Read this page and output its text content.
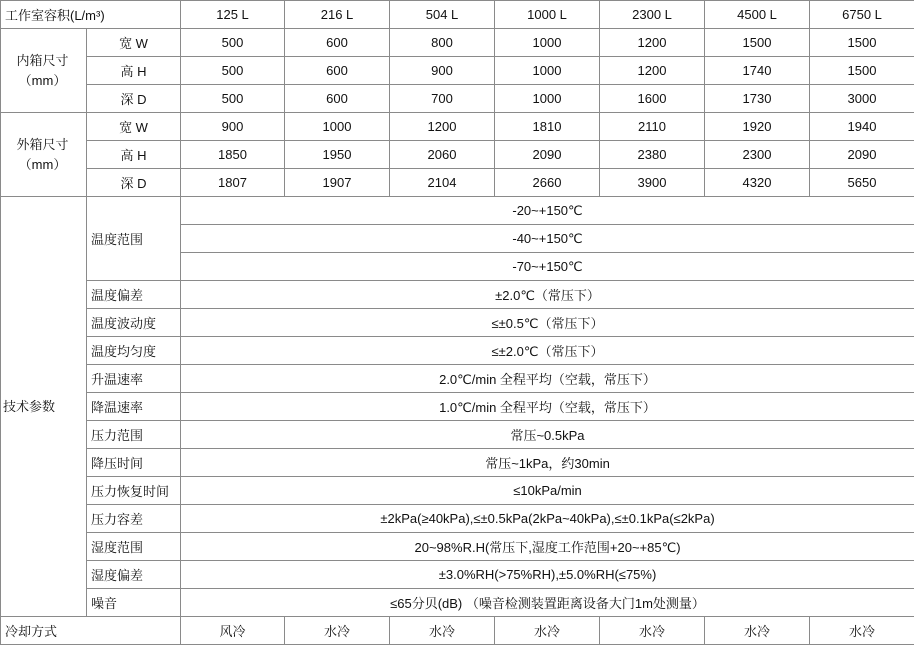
工作室容积(L/m³)		125 L	216 L	504 L	1000 L	2300 L	4500 L	6750 L

内箱尺寸
（mm）	宽 W	500	600	800	1000	1200	1500	1500
	高 H	500	600	900	1000	1200	1740	1500
	深 D	500	600	700	1000	1600	1730	3000

外箱尺寸
（mm）	宽 W	900	1000	1200	1810	2110	1920	1940
	高 H	1850	1950	2060	2090	2380	2300	2090
	深 D	1807	1907	2104	2660	3900	4320	5650
技术参数	温度范围	-20~+150℃						
		-40~+150℃						
		-70~+150℃						
	温度偏差	±2.0℃（常压下）						
	温度波动度	≤±0.5℃（常压下）						
	温度均匀度	≤±2.0℃（常压下）						
	升温速率	2.0℃/min 全程平均（空载，常压下）						
	降温速率	1.0℃/min 全程平均（空载，常压下）						
	压力范围	常压~0.5kPa						
	降压时间	常压~1kPa，约30min						
	压力恢复时间	≤10kPa/min						
	压力容差	±2kPa(≥40kPa),≤±0.5kPa(2kPa~40kPa),≤±0.1kPa(≤2kPa)						
	湿度范围	20~98%R.H(常压下,湿度工作范围+20~+85℃)						
	湿度偏差	±3.0%RH(>75%RH),±5.0%RH(≤75%)						
	噪音	≤65分贝(dB) （噪音检测装置距离设备大门1m处测量）						
冷却方式		风冷	水冷	水冷	水冷	水冷	水冷	水冷
